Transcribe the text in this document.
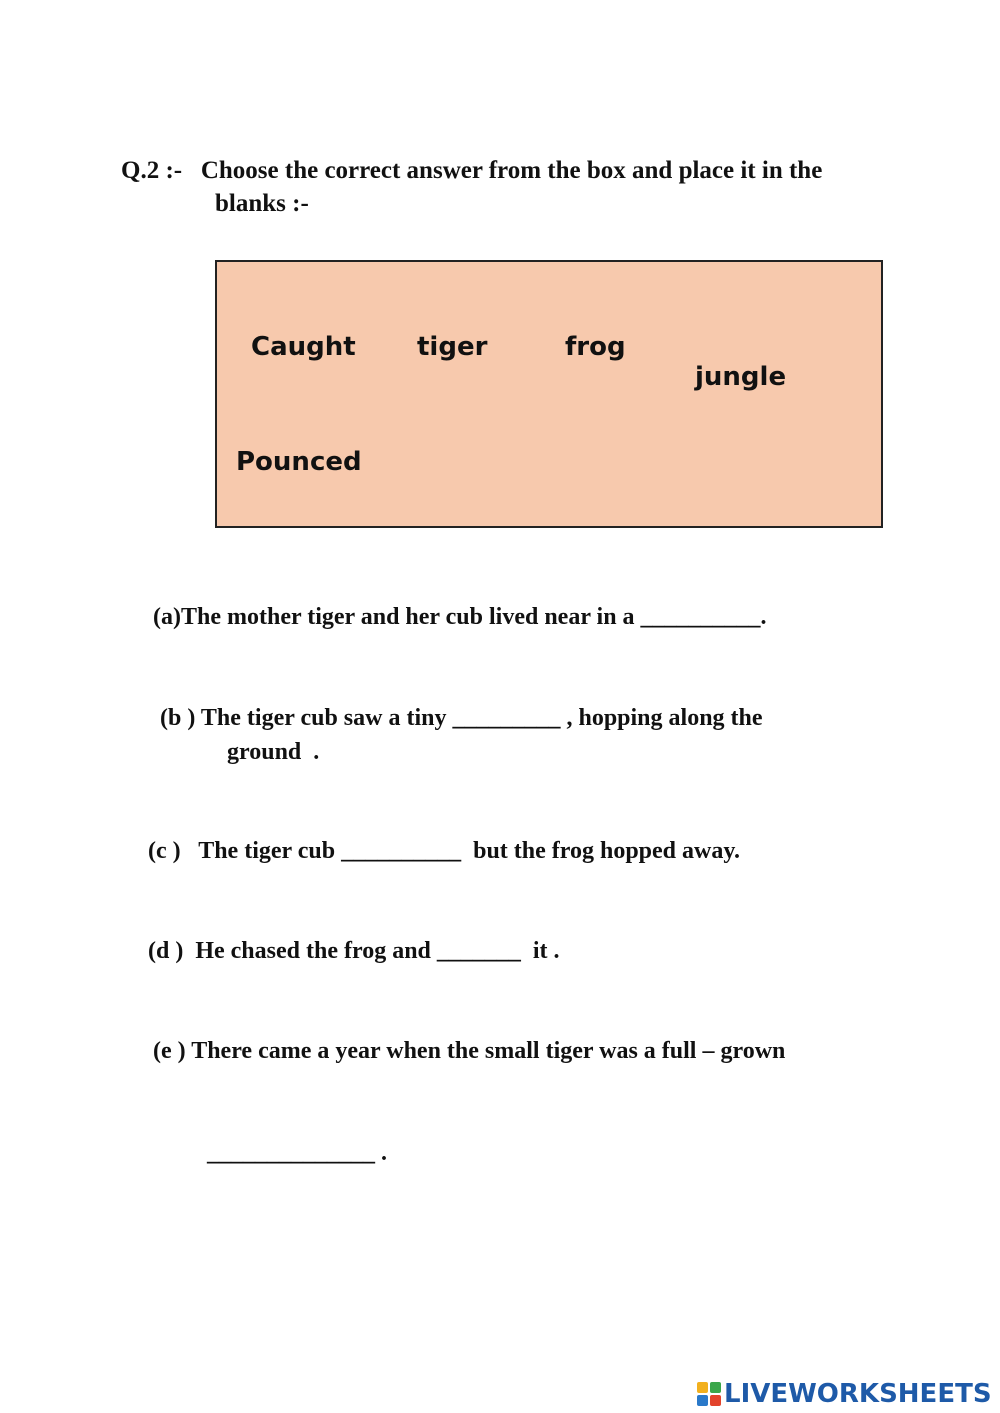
Q.2 :-   Choose the correct answer from the box and place it in the
blanks :-
Caught tiger	frog
jungle
Pounced
(a)The mother tiger and her cub lived near in a __________.
(b ) The tiger cub saw a tiny _________ , hopping along the
ground  .
(c )   The tiger cub __________  but the frog hopped away.
(d )  He chased the frog and _______  it .
(e ) There came a year when the small tiger was a full – grown
______________ .
LIVEWORKSHEETS
